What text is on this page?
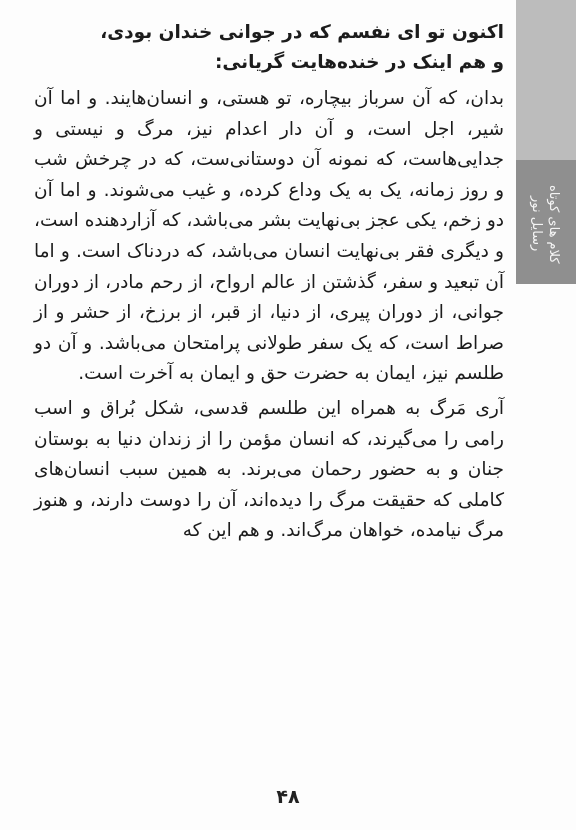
کلام های کوتاه
رسایل نور
اکنون تو ای نفسم که در جوانی خندان بودی،
و هم اینک در خنده‌هایت گریانی:

بدان، که آن سرباز بیچاره، تو هستی، و انسان‌هایند. و اما آن شیر، اجل است، و آن دار اعدام نیز، مرگ و نیستی و جدایی‌هاست، که نمونه آن دوستانی‌ست، که در چرخش شب و روز زمانه، یک به یک وداع کرده، و غیب می‌شوند. و اما آن دو زخم، یکی عجز بی‌نهایت بشر می‌باشد، که آزاردهنده است، و دیگری فقر بی‌نهایت انسان می‌باشد، که دردناک است. و اما آن تبعید و سفر، گذشتن از عالم ارواح، از رحم مادر، از دوران جوانی، از دوران پیری، از دنیا، از قبر، از برزخ، از حشر و از صراط است، که یک سفر طولانی پرامتحان می‌باشد. و آن دو طلسم نیز، ایمان به حضرت حق و ایمان به آخرت است.

آری مَرگ به همراه این طلسم قدسی، شکل بُراق و اسب رامی را می‌گیرند، که انسان مؤمن را از زندان دنیا به بوستان جنان و به حضور رحمان می‌برند. به همین سبب انسان‌های کاملی که حقیقت مرگ را دیده‌اند، آن را دوست دارند، و هنوز مرگ نیامده، خواهان مرگ‌اند. و هم این که

۴۸
